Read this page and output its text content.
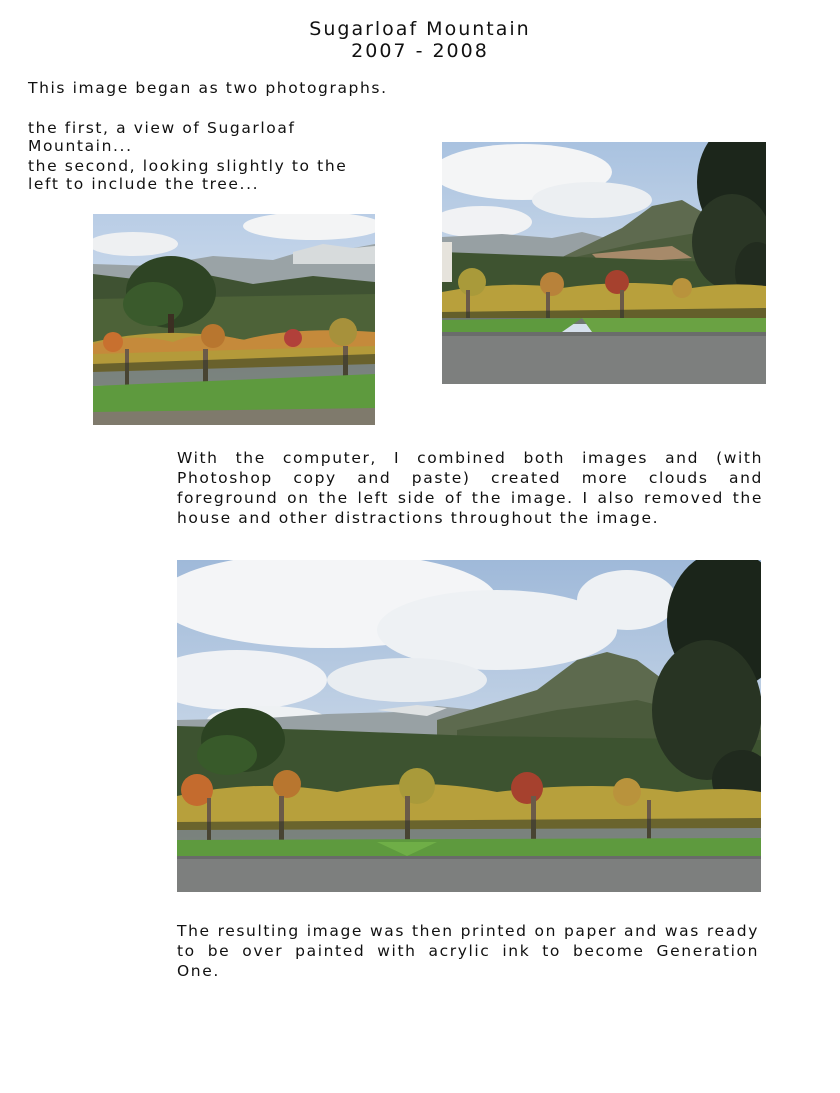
Sugarloaf Mountain
2007 - 2008
This image began as two photographs.
the first, a view of Sugarloaf
Mountain...
the second, looking slightly to the
left to include the tree...
With the computer, I combined both images and (with Photoshop copy and paste) created more clouds and foreground on the left side of the image. I also removed the house and other distractions throughout the image.
The resulting image was then printed on paper and was ready to be over painted with acrylic ink to become Generation One.
